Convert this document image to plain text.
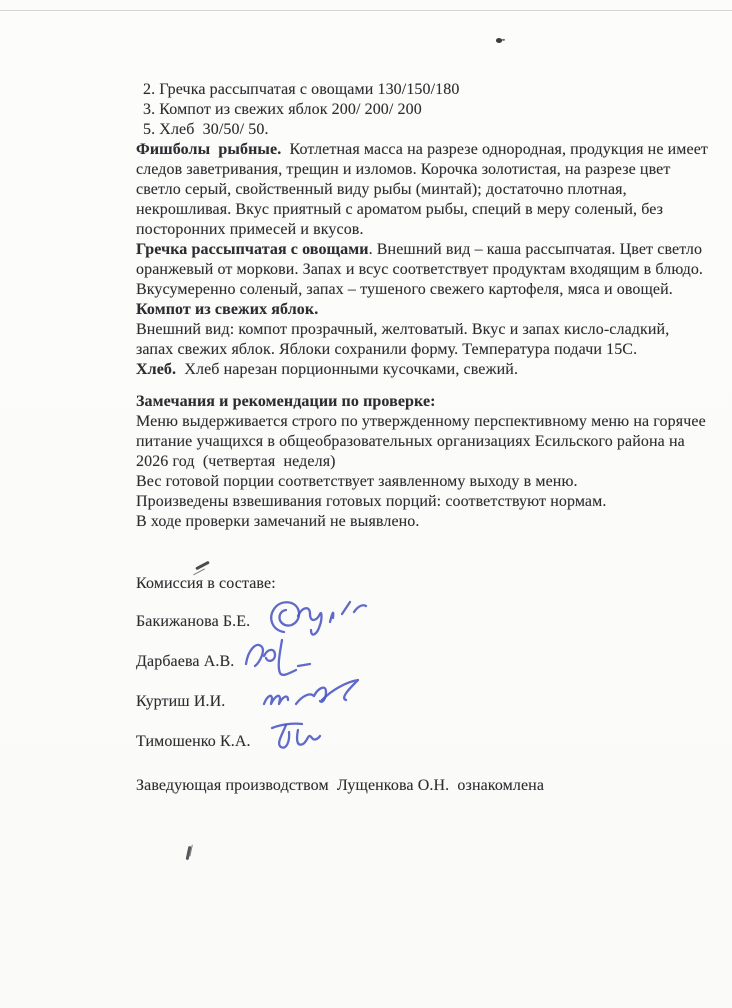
2. Гречка рассыпчатая с овощами 130/150/180
3. Компот из свежих яблок 200/ 200/ 200
5. Хлеб  30/50/ 50.

Фишболы  рыбные.  Котлетная масса на разрезе однородная, продукция не имеет следов заветривания, трещин и изломов. Корочка золотистая, на разрезе цвет светло серый, свойственный виду рыбы (минтай); достаточно плотная, некрошливая. Вкус приятный с ароматом рыбы, специй в меру соленый, без посторонних примесей и вкусов.

Гречка рассыпчатая с овощами. Внешний вид – каша рассыпчатая. Цвет светло оранжевый от моркови. Запах и всус соответствует продуктам входящим в блюдо.

Вкусумеренно соленый, запах – тушеного свежего картофеля, мяса и овощей.

Компот из свежих яблок.

Внешний вид: компот прозрачный, желтоватый. Вкус и запах кисло-сладкий, запах свежих яблок. Яблоки сохранили форму. Температура подачи 15С.

Хлеб.  Хлеб нарезан порционными кусочками, свежий.

Замечания и рекомендации по проверке:

Меню выдерживается строго по утвержденному перспективному меню на горячее питание учащихся в общеобразовательных организациях Есильского района на 2026 год  (четвертая  неделя)

Вес готовой порции соответствует заявленному выходу в меню.

Произведены взвешивания готовых порций: соответствуют нормам.

В ходе проверки замечаний не выявлено.

Комиссия в составе:

Бакижанова Б.Е.
Дарбаева А.В.
Куртиш И.И.
Тимошенко К.А.

Заведующая производством  Лущенкова О.Н.  ознакомлена
